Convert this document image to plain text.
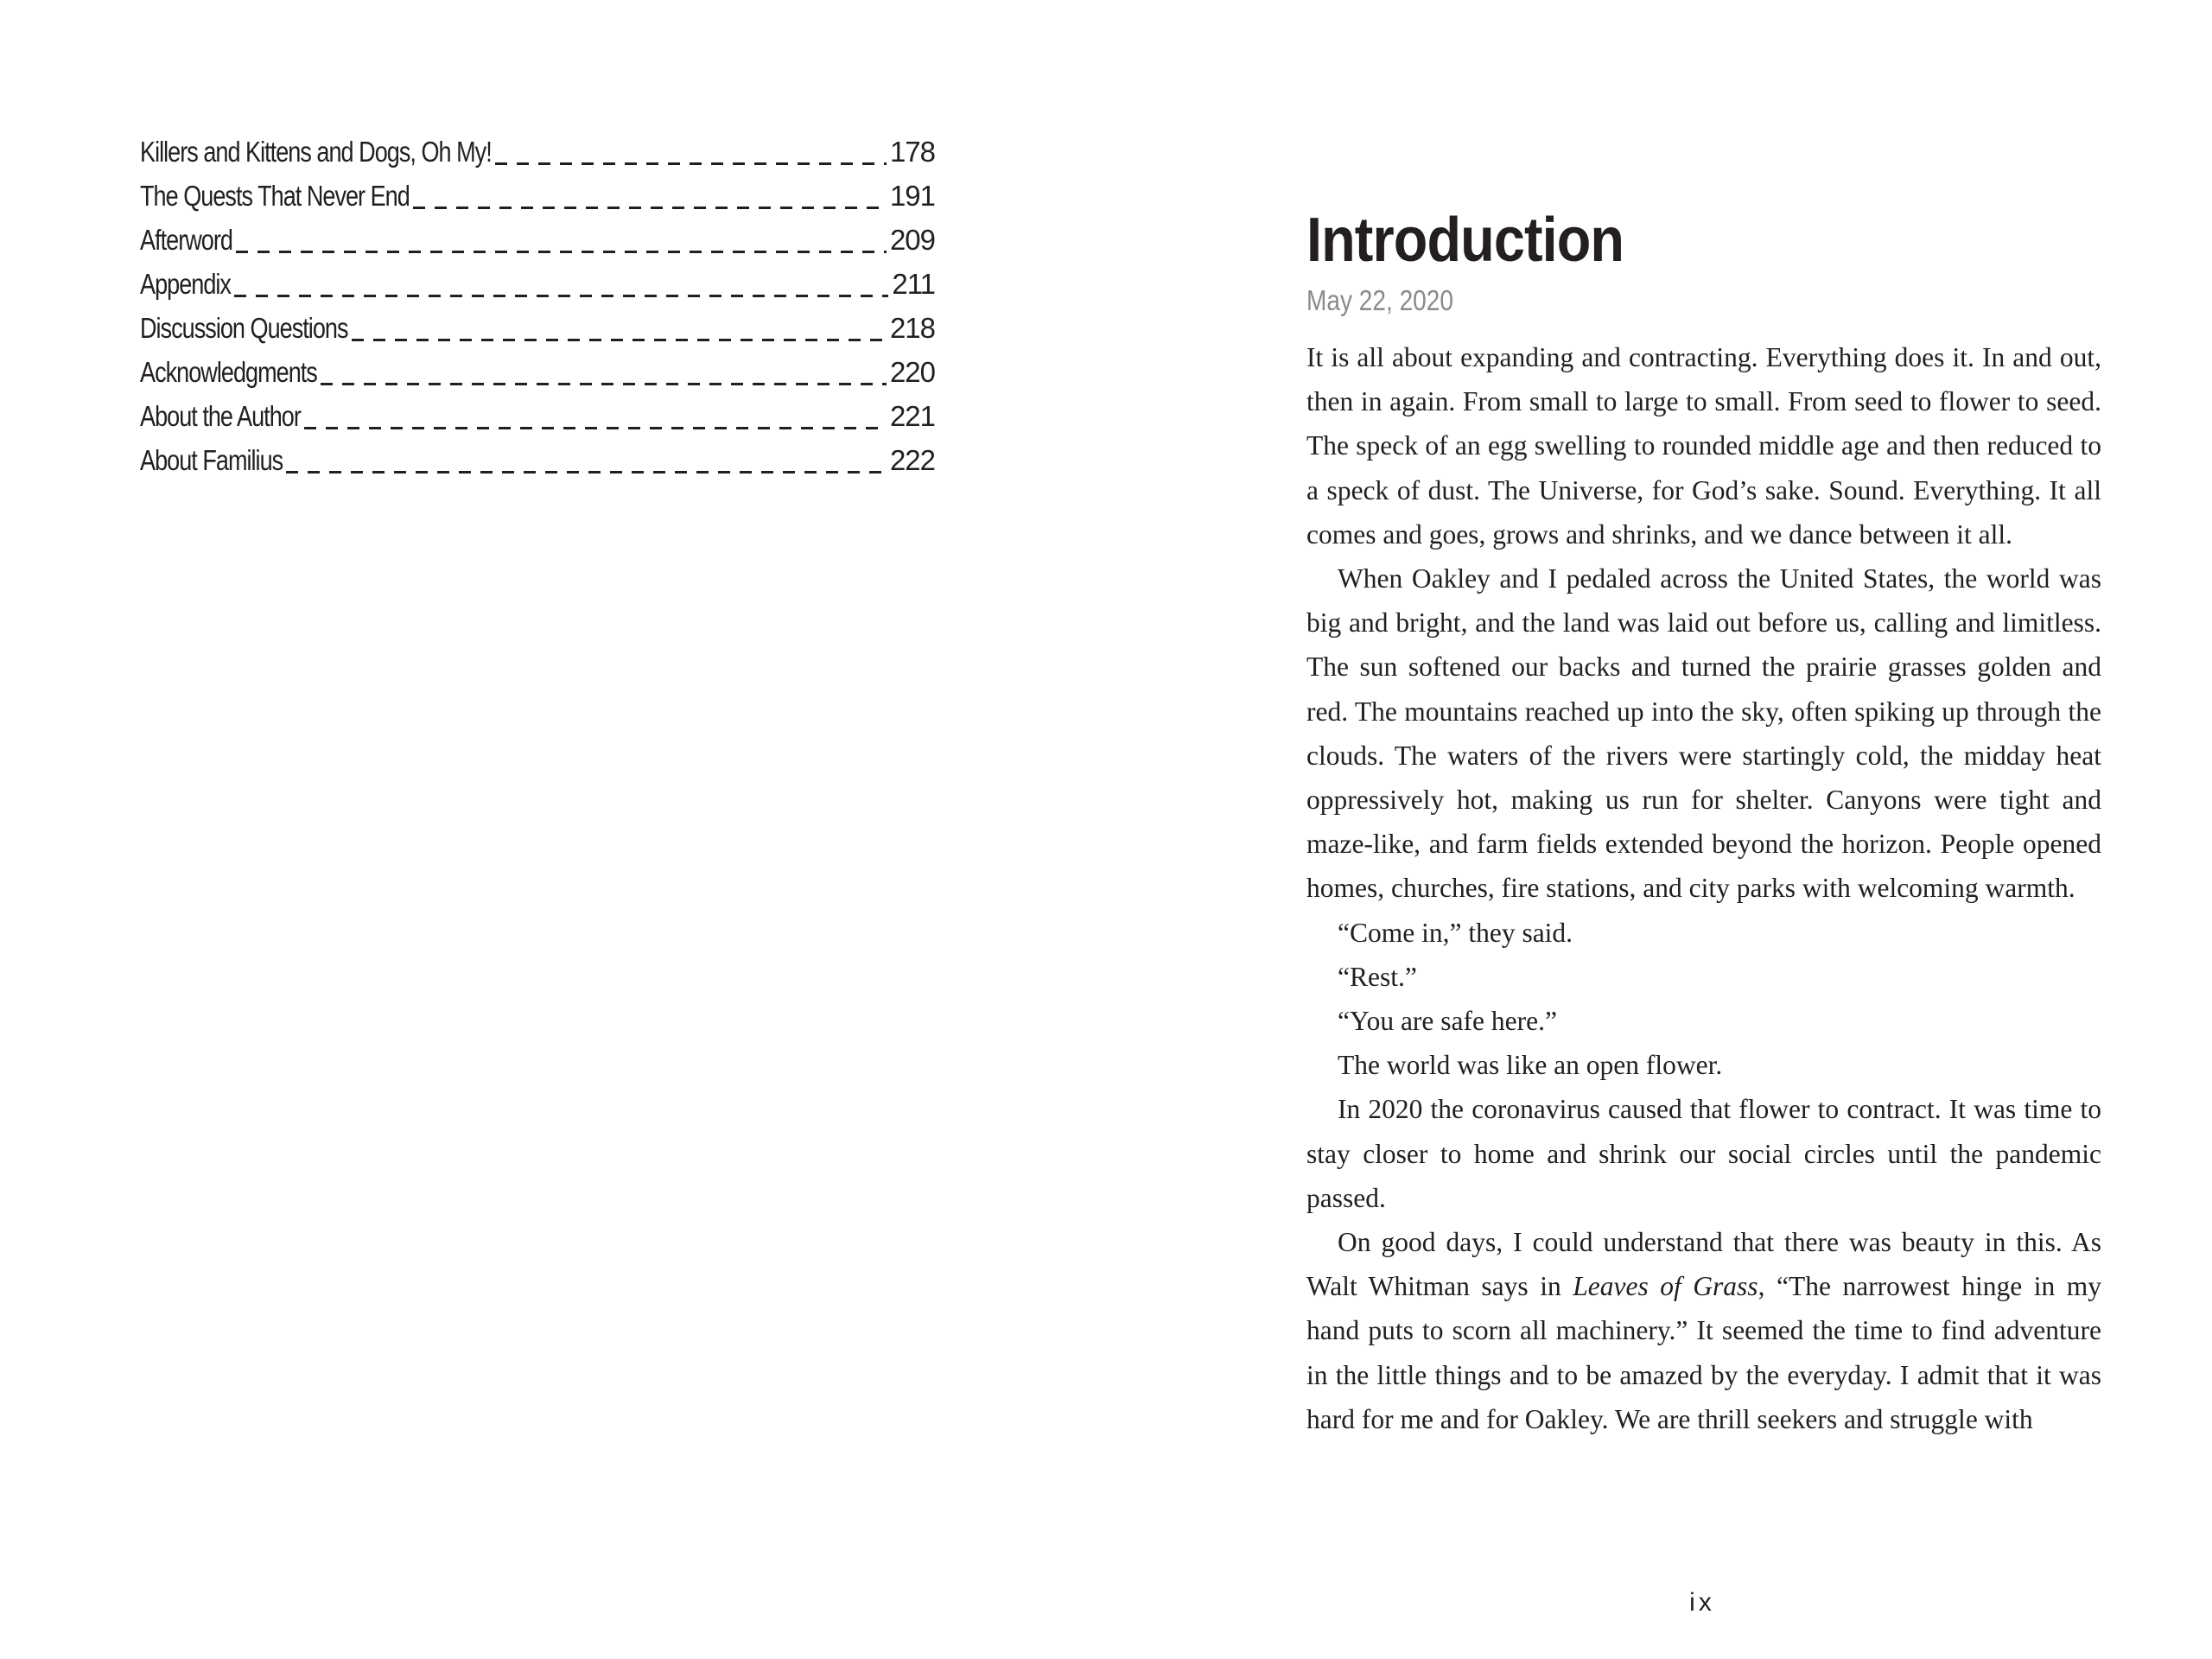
Killers and Kittens and Dogs, Oh My!	178
The Quests That Never End	191
Afterword	209
Appendix	211
Discussion Questions	218
Acknowledgments	220
About the Author	221
About Familius	222
Introduction
May 22, 2020

It is all about expanding and contracting. Everything does it. In and out, then in again. From small to large to small. From seed to flower to seed. The speck of an egg swelling to rounded middle age and then reduced to a speck of dust. The Universe, for God’s sake. Sound. Everything. It all comes and goes, grows and shrinks, and we dance between it all.

When Oakley and I pedaled across the United States, the world was big and bright, and the land was laid out before us, calling and limitless. The sun softened our backs and turned the prairie grasses golden and red. The mountains reached up into the sky, often spiking up through the clouds. The waters of the rivers were startingly cold, the midday heat oppressively hot, making us run for shelter. Canyons were tight and maze-like, and farm fields extended beyond the horizon. People opened homes, churches, fire stations, and city parks with welcoming warmth.

“Come in,” they said.

“Rest.”

“You are safe here.”

The world was like an open flower.

In 2020 the coronavirus caused that flower to contract. It was time to stay closer to home and shrink our social circles until the pandemic passed.

On good days, I could understand that there was beauty in this. As Walt Whitman says in Leaves of Grass, “The narrowest hinge in my hand puts to scorn all machinery.” It seemed the time to find adventure in the little things and to be amazed by the everyday. I admit that it was hard for me and for Oakley. We are thrill seekers and struggle with

ix
